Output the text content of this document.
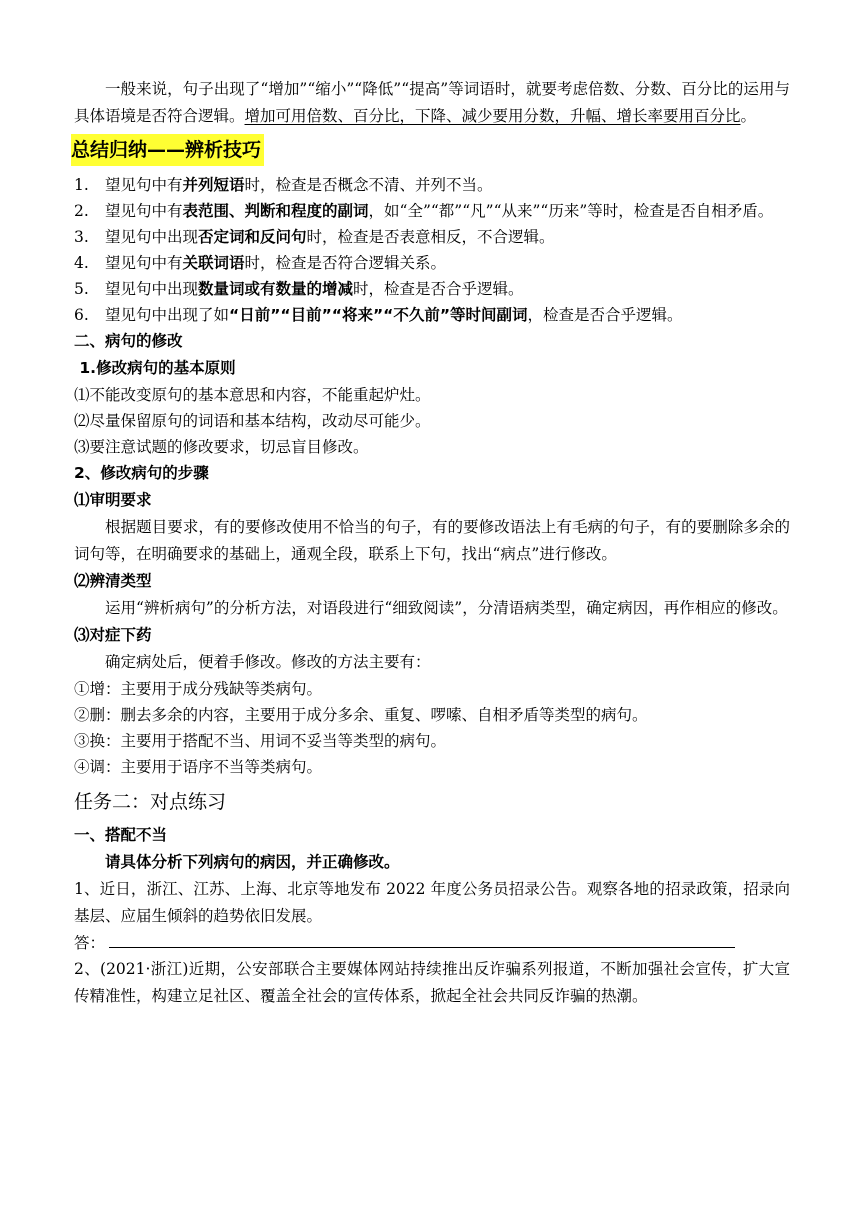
一般来说，句子出现了“增加”“缩小”“降低”“提高”等词语时，就要考虑倍数、分数、百分比的运用与具体语境是否符合逻辑。增加可用倍数、百分比，下降、减少要用分数，升幅、增长率要用百分比。
总结归纳——辨析技巧
1. 望见句中有并列短语时，检查是否概念不清、并列不当。
2. 望见句中有表范围、判断和程度的副词，如“全”“都”“凡”“从来”“历来”等时，检查是否自相矛盾。
3. 望见句中出现否定词和反问句时，检查是否表意相反，不合逻辑。
4. 望见句中有关联词语时，检查是否符合逻辑关系。
5. 望见句中出现数量词或有数量的增减时，检查是否合乎逻辑。
6. 望见句中出现了如“日前”“目前”“将来”“不久前”等时间副词，检查是否合乎逻辑。
二、病句的修改
1.修改病句的基本原则
⑴不能改变原句的基本意思和内容，不能重起炉灶。
⑵尽量保留原句的词语和基本结构，改动尽可能少。
⑶要注意试题的修改要求，切忌盲目修改。
2、修改病句的步骤
⑴审明要求
根据题目要求，有的要修改使用不恰当的句子，有的要修改语法上有毛病的句子，有的要删除多余的词句等，在明确要求的基础上，通观全段，联系上下句，找出“病点”进行修改。
⑵辨清类型
运用“辨析病句”的分析方法，对语段进行“细致阅读”，分清语病类型，确定病因，再作相应的修改。
⑶对症下药
确定病处后，便着手修改。修改的方法主要有：
①增：主要用于成分残缺等类病句。
②删：删去多余的内容，主要用于成分多余、重复、啰嗦、自相矛盾等类型的病句。
③换：主要用于搭配不当、用词不妥当等类型的病句。
④调：主要用于语序不当等类病句。
任务二：对点练习
一、搭配不当
请具体分析下列病句的病因，并正确修改。
1、近日，浙江、江苏、上海、北京等地发布 2022 年度公务员招录公告。观察各地的招录政策，招录向基层、应届生倾斜的趋势依旧发展。
答：
2、(2021·浙江)近期，公安部联合主要媒体网站持续推出反诈骗系列报道，不断加强社会宣传，扩大宣传精准性，构建立足社区、覆盖全社会的宣传体系，掀起全社会共同反诈骗的热潮。
